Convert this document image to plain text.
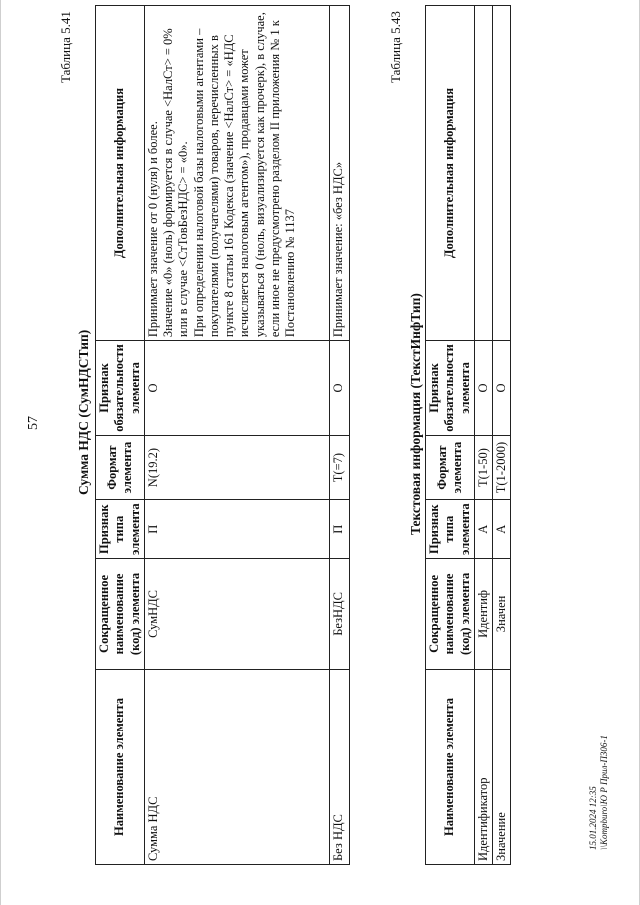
57
Таблица 5.41
Сумма НДС (СумНДСТип)
Наименование элемента	Сокращенное наименование (код) элемента	Признак типа элемента	Формат элемента	Признак обязательности элемента	Дополнительная информация
Сумма НДС	СумНДС	П	N(19.2)	О	Принимает значение от 0 (нуля) и более.
Значение «0» (ноль) формируется в случае <НалСт> = 0% или в случае <СтТовБезНДС> = «0».
При определении налоговой базы налоговыми агентами – покупателями (получателями) товаров, перечисленных в пункте 8 статьи 161 Кодекса (значение <НалСт> = «НДС исчисляется налоговым агентом»), продавцами может указываться 0 (ноль, визуализируется как прочерк), в случае, если иное не предусмотрено разделом II приложения № 1 к Постановлению № 1137
Без НДС	БезНДС	П	T(=7)	О	Принимает значение: «без НДС»
Таблица 5.43
Текстовая информация (ТекстИнфТип)
Наименование элемента	Сокращенное наименование (код) элемента	Признак типа элемента	Формат элемента	Признак обязательности элемента	Дополнительная информация
Идентификатор	Идентиф	А	T(1-50)	О	
Значение	Значен	А	T(1-2000)	О	
15.01.2024 12:35 \\Kompburo\Ю Р Прил-П306-1
